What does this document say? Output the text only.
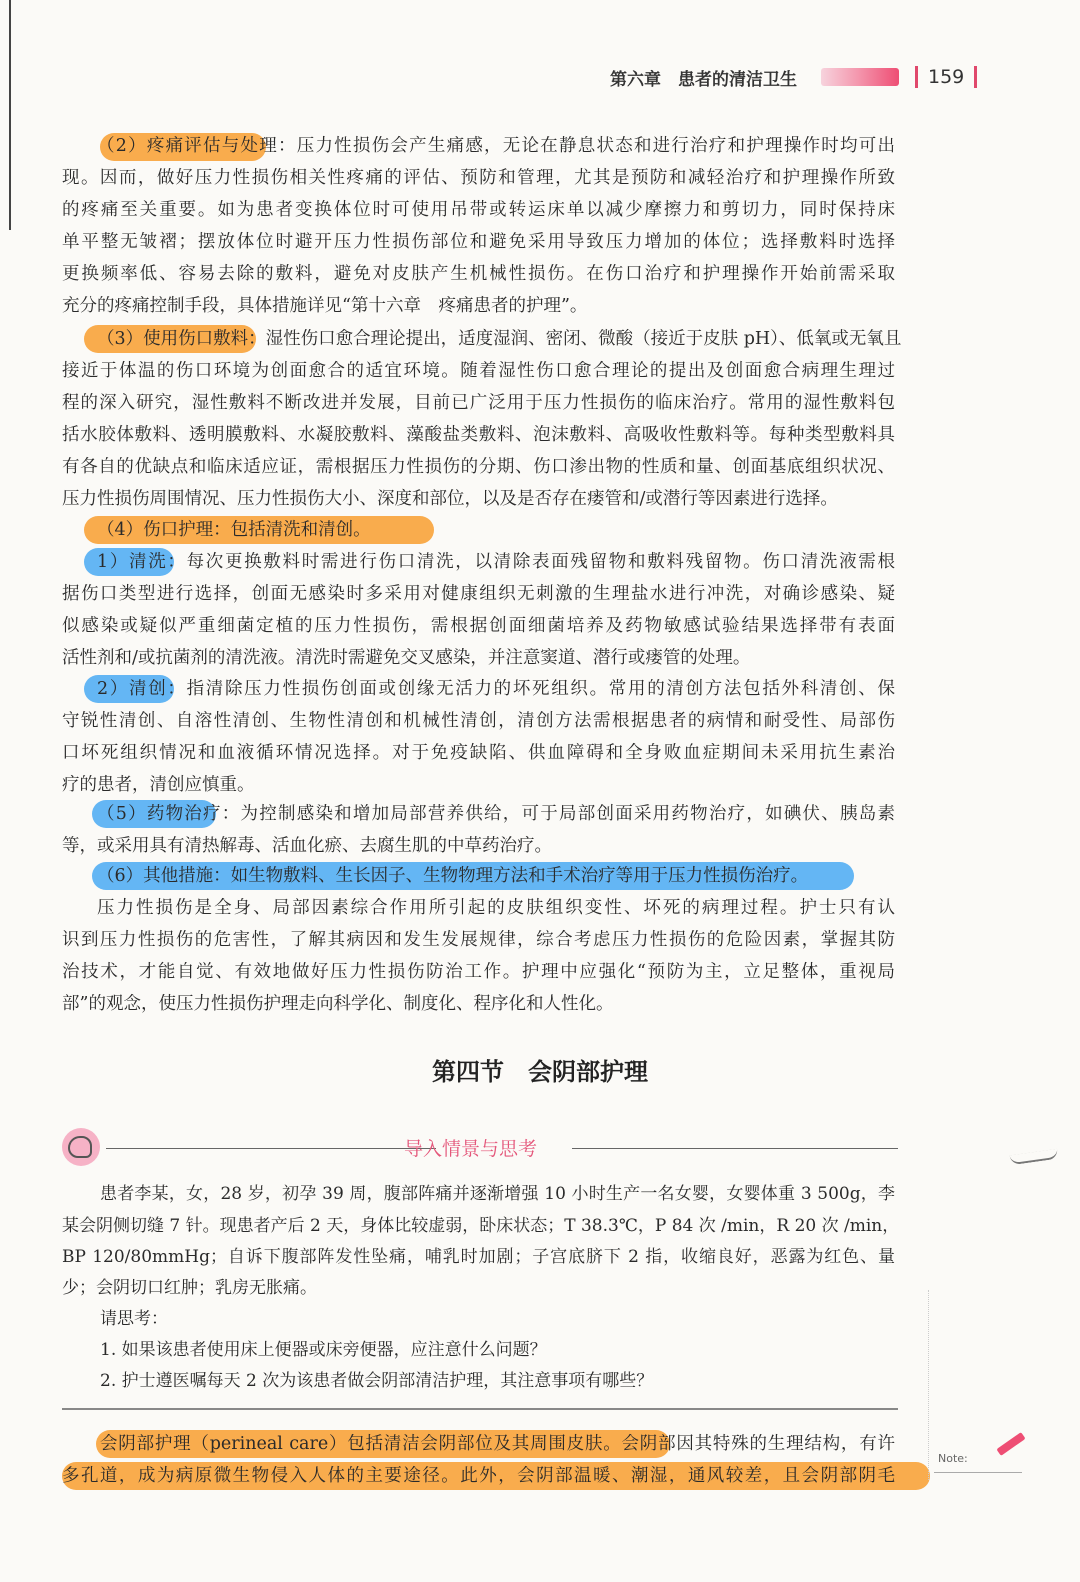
第六章　患者的清洁卫生	159
（2）疼痛评估与处理：压力性损伤会产生痛感，无论在静息状态和进行治疗和护理操作时均可出
现。因而，做好压力性损伤相关性疼痛的评估、预防和管理，尤其是预防和减轻治疗和护理操作所致
的疼痛至关重要。如为患者变换体位时可使用吊带或转运床单以减少摩擦力和剪切力，同时保持床
单平整无皱褶；摆放体位时避开压力性损伤部位和避免采用导致压力增加的体位；选择敷料时选择
更换频率低、容易去除的敷料，避免对皮肤产生机械性损伤。在伤口治疗和护理操作开始前需采取
充分的疼痛控制手段，具体措施详见“第十六章　疼痛患者的护理”。
（3）使用伤口敷料：湿性伤口愈合理论提出，适度湿润、密闭、微酸（接近于皮肤 pH）、低氧或无氧且
接近于体温的伤口环境为创面愈合的适宜环境。随着湿性伤口愈合理论的提出及创面愈合病理生理过
程的深入研究，湿性敷料不断改进并发展，目前已广泛用于压力性损伤的临床治疗。常用的湿性敷料包
括水胶体敷料、透明膜敷料、水凝胶敷料、藻酸盐类敷料、泡沫敷料、高吸收性敷料等。每种类型敷料具
有各自的优缺点和临床适应证，需根据压力性损伤的分期、伤口渗出物的性质和量、创面基底组织状况、
压力性损伤周围情况、压力性损伤大小、深度和部位，以及是否存在瘘管和/或潜行等因素进行选择。
（4）伤口护理：包括清洗和清创。
1）清洗：每次更换敷料时需进行伤口清洗，以清除表面残留物和敷料残留物。伤口清洗液需根
据伤口类型进行选择，创面无感染时多采用对健康组织无刺激的生理盐水进行冲洗，对确诊感染、疑
似感染或疑似严重细菌定植的压力性损伤，需根据创面细菌培养及药物敏感试验结果选择带有表面
活性剂和/或抗菌剂的清洗液。清洗时需避免交叉感染，并注意窦道、潜行或瘘管的处理。
2）清创：指清除压力性损伤创面或创缘无活力的坏死组织。常用的清创方法包括外科清创、保
守锐性清创、自溶性清创、生物性清创和机械性清创，清创方法需根据患者的病情和耐受性、局部伤
口坏死组织情况和血液循环情况选择。对于免疫缺陷、供血障碍和全身败血症期间未采用抗生素治
疗的患者，清创应慎重。
（5）药物治疗：为控制感染和增加局部营养供给，可于局部创面采用药物治疗，如碘伏、胰岛素
等，或采用具有清热解毒、活血化瘀、去腐生肌的中草药治疗。
（6）其他措施：如生物敷料、生长因子、生物物理方法和手术治疗等用于压力性损伤治疗。
压力性损伤是全身、局部因素综合作用所引起的皮肤组织变性、坏死的病理过程。护士只有认
识到压力性损伤的危害性，了解其病因和发生发展规律，综合考虑压力性损伤的危险因素，掌握其防
治技术，才能自觉、有效地做好压力性损伤防治工作。护理中应强化“预防为主，立足整体，重视局
部”的观念，使压力性损伤护理走向科学化、制度化、程序化和人性化。
第四节　会阴部护理
导入情景与思考
患者李某，女，28 岁，初孕 39 周，腹部阵痛并逐渐增强 10 小时生产一名女婴，女婴体重 3 500g，李
某会阴侧切缝 7 针。现患者产后 2 天，身体比较虚弱，卧床状态；T 38.3℃，P 84 次 /min，R 20 次 /min，
BP 120/80mmHg；自诉下腹部阵发性坠痛，哺乳时加剧；子宫底脐下 2 指，收缩良好，恶露为红色、量
少；会阴切口红肿；乳房无胀痛。
请思考：
1. 如果该患者使用床上便器或床旁便器，应注意什么问题？
2. 护士遵医嘱每天 2 次为该患者做会阴部清洁护理，其注意事项有哪些？
会阴部护理（perineal care）包括清洁会阴部位及其周围皮肤。会阴部因其特殊的生理结构，有许
多孔道，成为病原微生物侵入人体的主要途径。此外，会阴部温暖、潮湿，通风较差，且会阴部阴毛
Note:
